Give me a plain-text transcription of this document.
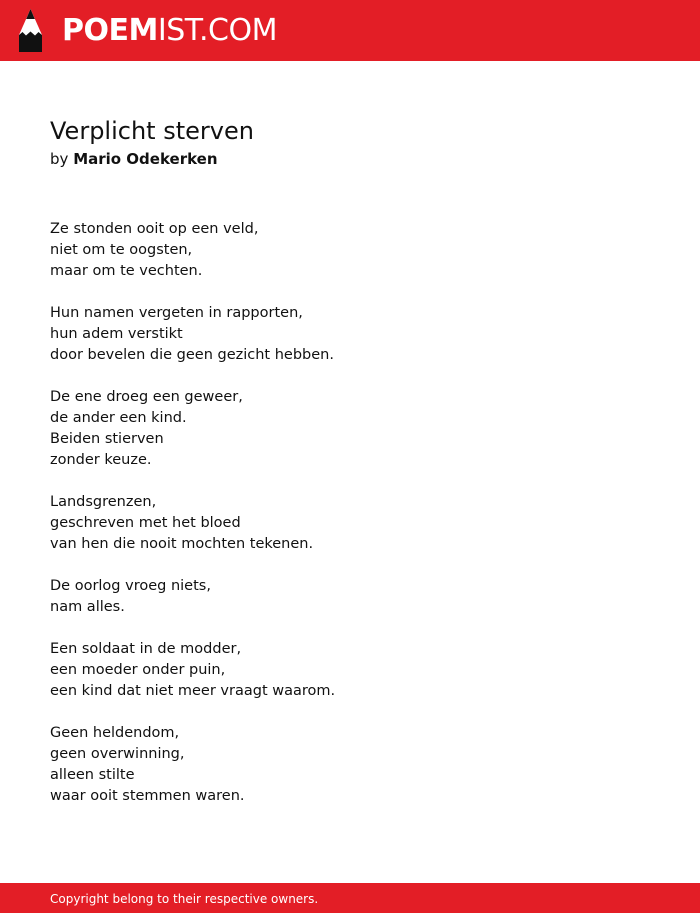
POEMIST.COM
Verplicht sterven
by Mario Odekerken
Ze stonden ooit op een veld,
niet om te oogsten,
maar om te vechten.
Hun namen vergeten in rapporten,
hun adem verstikt
door bevelen die geen gezicht hebben.
De ene droeg een geweer,
de ander een kind.
Beiden stierven
zonder keuze.
Landsgrenzen,
geschreven met het bloed
van hen die nooit mochten tekenen.
De oorlog vroeg niets,
nam alles.
Een soldaat in de modder,
een moeder onder puin,
een kind dat niet meer vraagt waarom.
Geen heldendom,
geen overwinning,
alleen stilte
waar ooit stemmen waren.
Copyright belong to their respective owners.
